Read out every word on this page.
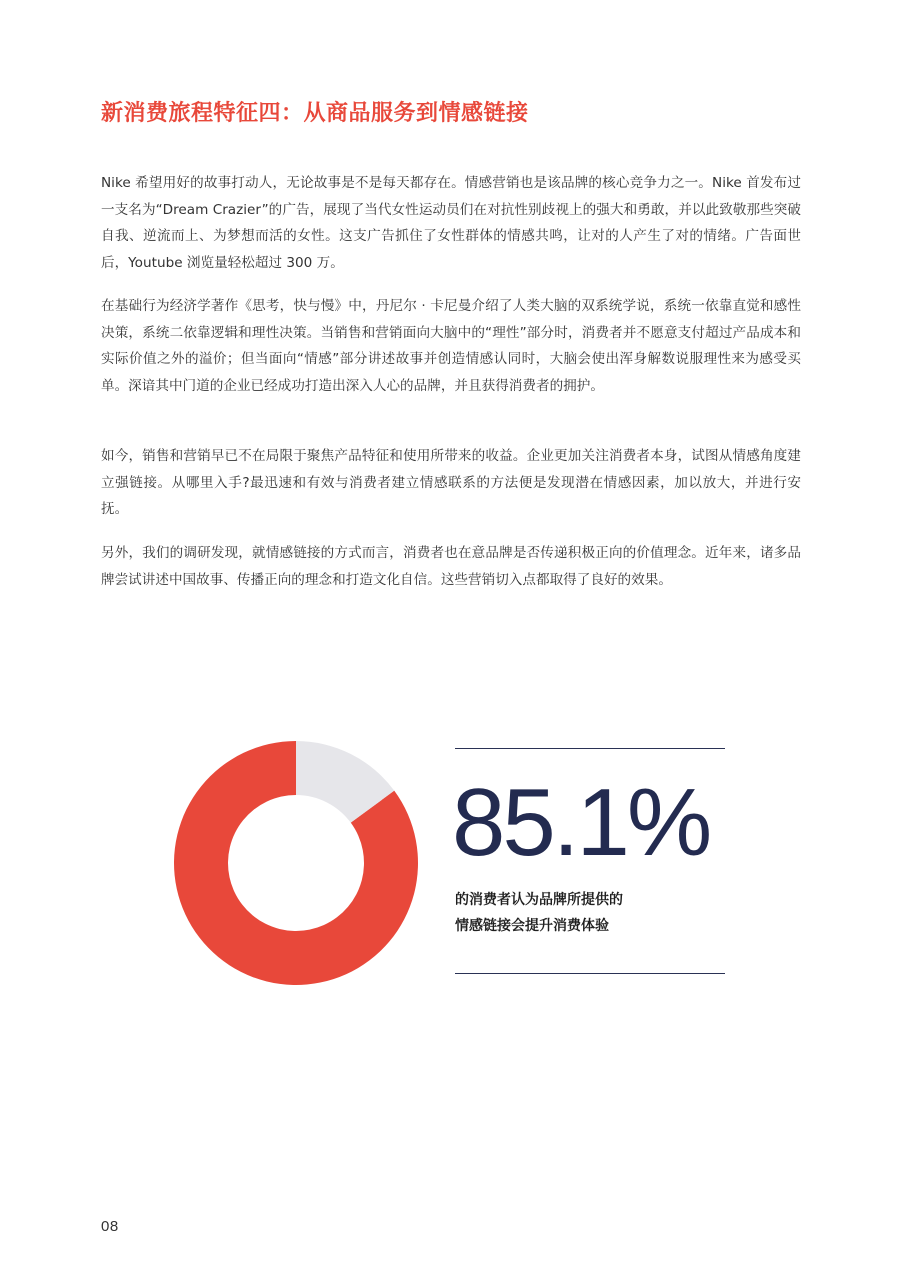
新消费旅程特征四：从商品服务到情感链接

Nike 希望用好的故事打动人，无论故事是不是每天都存在。情感营销也是该品牌的核心竞争力之一。Nike 首发布过一支名为“Dream Crazier”的广告，展现了当代女性运动员们在对抗性别歧视上的强大和勇敢，并以此致敬那些突破自我、逆流而上、为梦想而活的女性。这支广告抓住了女性群体的情感共鸣，让对的人产生了对的情绪。广告面世后，Youtube 浏览量轻松超过 300 万。

在基础行为经济学著作《思考，快与慢》中，丹尼尔 · 卡尼曼介绍了人类大脑的双系统学说，系统一依靠直觉和感性决策，系统二依靠逻辑和理性决策。当销售和营销面向大脑中的“理性”部分时，消费者并不愿意支付超过产品成本和实际价值之外的溢价；但当面向“情感”部分讲述故事并创造情感认同时，大脑会使出浑身解数说服理性来为感受买单。深谙其中门道的企业已经成功打造出深入人心的品牌，并且获得消费者的拥护。

如今，销售和营销早已不在局限于聚焦产品特征和使用所带来的收益。企业更加关注消费者本身，试图从情感角度建立强链接。从哪里入手?最迅速和有效与消费者建立情感联系的方法便是发现潜在情感因素，加以放大，并进行安抚。

另外，我们的调研发现，就情感链接的方式而言，消费者也在意品牌是否传递积极正向的价值理念。近年来，诸多品牌尝试讲述中国故事、传播正向的理念和打造文化自信。这些营销切入点都取得了良好的效果。

85.1%
的消费者认为品牌所提供的
情感链接会提升消费体验
08
